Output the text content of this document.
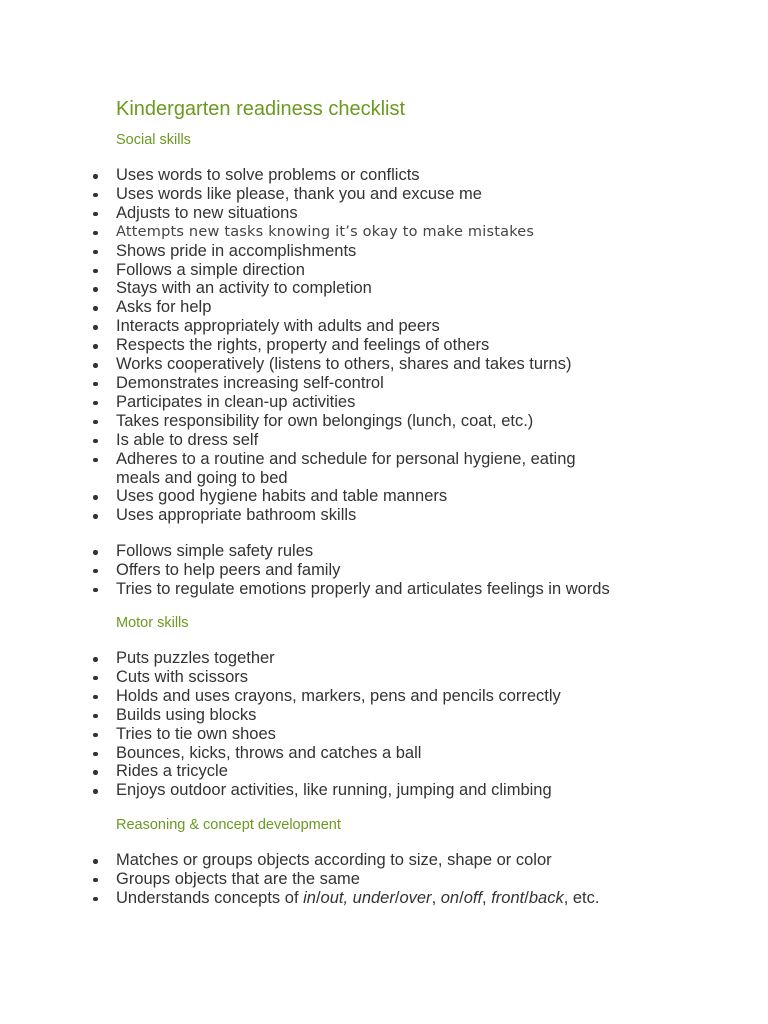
Kindergarten readiness checklist
Social skills
Uses words to solve problems or conflicts
Uses words like please, thank you and excuse me
Adjusts to new situations
Attempts new tasks knowing it’s okay to make mistakes
Shows pride in accomplishments
Follows a simple direction
Stays with an activity to completion
Asks for help
Interacts appropriately with adults and peers
Respects the rights, property and feelings of others
Works cooperatively (listens to others, shares and takes turns)
Demonstrates increasing self-control
Participates in clean-up activities
Takes responsibility for own belongings (lunch, coat, etc.)
Is able to dress self
Adheres to a routine and schedule for personal hygiene, eating meals and going to bed
Uses good hygiene habits and table manners
Uses appropriate bathroom skills
Follows simple safety rules
Offers to help peers and family
Tries to regulate emotions properly and articulates feelings in words
Motor skills
Puts puzzles together
Cuts with scissors
Holds and uses crayons, markers, pens and pencils correctly
Builds using blocks
Tries to tie own shoes
Bounces, kicks, throws and catches a ball
Rides a tricycle
Enjoys outdoor activities, like running, jumping and climbing
Reasoning & concept development
Matches or groups objects according to size, shape or color
Groups objects that are the same
Understands concepts of in/out, under/over, on/off, front/back, etc.
